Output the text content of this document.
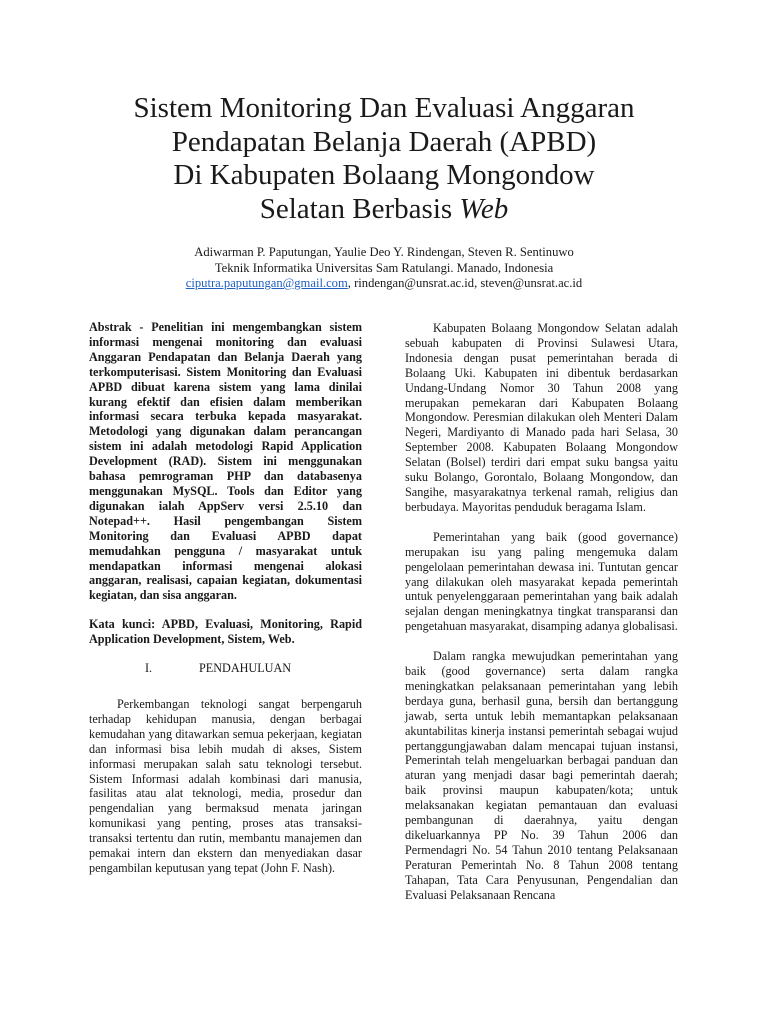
Sistem Monitoring Dan Evaluasi Anggaran
Pendapatan Belanja Daerah (APBD)
Di Kabupaten Bolaang Mongondow
Selatan Berbasis Web
Adiwarman P. Paputungan, Yaulie Deo Y. Rindengan, Steven R. Sentinuwo
Teknik Informatika Universitas Sam Ratulangi. Manado, Indonesia
ciputra.paputungan@gmail.com, rindengan@unsrat.ac.id, steven@unsrat.ac.id

Abstrak - Penelitian ini mengembangkan sistem informasi mengenai monitoring dan evaluasi Anggaran Pendapatan dan Belanja Daerah yang terkomputerisasi. Sistem Monitoring dan Evaluasi APBD dibuat karena sistem yang lama dinilai kurang efektif dan efisien dalam memberikan informasi secara terbuka kepada masyarakat. Metodologi yang digunakan dalam perancangan sistem ini adalah metodologi Rapid Application Development (RAD). Sistem ini menggunakan bahasa pemrograman PHP dan databasenya menggunakan MySQL. Tools dan Editor yang digunakan ialah AppServ versi 2.5.10 dan Notepad++. Hasil pengembangan Sistem Monitoring dan Evaluasi APBD dapat memudahkan pengguna / masyarakat untuk mendapatkan informasi mengenai alokasi anggaran, realisasi, capaian kegiatan, dokumentasi kegiatan, dan sisa anggaran.

Kata kunci: APBD, Evaluasi, Monitoring, Rapid Application Development, Sistem, Web.

I.	PENDAHULUAN

Perkembangan teknologi sangat berpengaruh terhadap kehidupan manusia, dengan berbagai kemudahan yang ditawarkan semua pekerjaan, kegiatan dan informasi bisa lebih mudah di akses, Sistem informasi merupakan salah satu teknologi tersebut. Sistem Informasi adalah kombinasi dari manusia, fasilitas atau alat teknologi, media, prosedur dan pengendalian yang bermaksud menata jaringan komunikasi yang penting, proses atas transaksi-transaksi tertentu dan rutin, membantu manajemen dan pemakai intern dan ekstern dan menyediakan dasar pengambilan keputusan yang tepat (John F. Nash).

Kabupaten Bolaang Mongondow Selatan adalah sebuah kabupaten di Provinsi Sulawesi Utara, Indonesia dengan pusat pemerintahan berada di Bolaang Uki. Kabupaten ini dibentuk berdasarkan Undang-Undang Nomor 30 Tahun 2008 yang merupakan pemekaran dari Kabupaten Bolaang Mongondow. Peresmian dilakukan oleh Menteri Dalam Negeri, Mardiyanto di Manado pada hari Selasa, 30 September 2008. Kabupaten Bolaang Mongondow Selatan (Bolsel) terdiri dari empat suku bangsa yaitu suku Bolango, Gorontalo, Bolaang Mongondow, dan Sangihe, masyarakatnya terkenal ramah, religius dan berbudaya. Mayoritas penduduk beragama Islam.

Pemerintahan yang baik (good governance) merupakan isu yang paling mengemuka dalam pengelolaan pemerintahan dewasa ini. Tuntutan gencar yang dilakukan oleh masyarakat kepada pemerintah untuk penyelenggaraan pemerintahan yang baik adalah sejalan dengan meningkatnya tingkat transparansi dan pengetahuan masyarakat, disamping adanya globalisasi.

Dalam rangka mewujudkan pemerintahan yang baik (good governance) serta dalam rangka meningkatkan pelaksanaan pemerintahan yang lebih berdaya guna, berhasil guna, bersih dan bertanggung jawab, serta untuk lebih memantapkan pelaksanaan akuntabilitas kinerja instansi pemerintah sebagai wujud pertanggungjawaban dalam mencapai tujuan instansi, Pemerintah telah mengeluarkan berbagai panduan dan aturan yang menjadi dasar bagi pemerintah daerah; baik provinsi maupun kabupaten/kota; untuk melaksanakan kegiatan pemantauan dan evaluasi pembangunan di daerahnya, yaitu dengan dikeluarkannya PP No. 39 Tahun 2006 dan Permendagri No. 54 Tahun 2010 tentang Pelaksanaan Peraturan Pemerintah No. 8 Tahun 2008 tentang Tahapan, Tata Cara Penyusunan, Pengendalian dan Evaluasi Pelaksanaan Rencana
